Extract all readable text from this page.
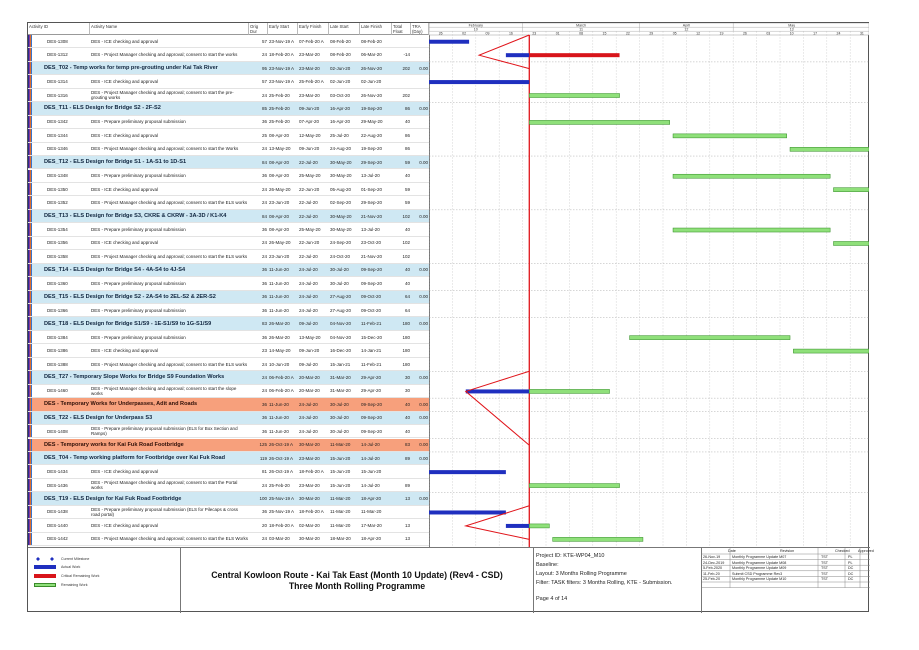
Activity ID	Activity Name	Orig Dur
Early Start	Early Finish	Late Start	Late Finish	Total Float
TRA (Day)
DES-1308	DES - ICE checking and approval	57 23-Nov-19 A	07-Feb-20 A	08-Feb-20	08-Feb-20
DES-1312	DES - Project Manager checking and approval; consent to start the works	24 18-Feb-20 A	23-Mar-20	08-Feb-20	06-Mar-20	-14
DES_T02 - Temp works for temp pre-grouting under Kai Tak River	95 23-Nov-19 A	23-Mar-20	02-Jun-20	26-Nov-20	202	0.00
DES-1314	DES - ICE checking and approval	57 23-Nov-19 A	25-Feb-20 A	02-Jun-20	02-Jun-20
DES-1316	DES - Project Manager checking and approval; consent to start the pre-grouting works	24 25-Feb-20	23-Mar-20	03-Oct-20	26-Nov-20	202
DES_T11 - ELS Design for Bridge S2 - 2F-S2	85 25-Feb-20	09-Jun-20	16-Apr-20	19-Sep-20	86	0.00
DES-1342	DES - Prepare preliminary proposal submission	36 25-Feb-20	07-Apr-20	16-Apr-20	29-May-20	40
DES-1344	DES - ICE checking and approval	25 08-Apr-20	12-May-20	25-Jul-20	22-Aug-20	86
DES-1346	DES - Project Manager checking and approval; consent to start the Works	24 13-May-20	09-Jun-20	24-Aug-20	19-Sep-20	86
DES_T12 - ELS Design for Bridge S1 - 1A-S1 to 1D-S1	84 08-Apr-20	22-Jul-20	30-May-20	29-Sep-20	59	0.00
DES-1348	DES - Prepare preliminary proposal submission	36 08-Apr-20	25-May-20	30-May-20	13-Jul-20	40
DES-1350	DES - ICE checking and approval	24 26-May-20	22-Jun-20	05-Aug-20	01-Sep-20	59
DES-1352	DES - Project Manager checking and approval; consent to start the ELS works	24 23-Jun-20	22-Jul-20	02-Sep-20	29-Sep-20	59
DES_T13 - ELS Design for Bridge S3, CKRE & CKRW - 3A-3D / K1-K4	84 08-Apr-20	22-Jul-20	30-May-20	21-Nov-20	102	0.00
DES-1354	DES - Prepare preliminary proposal submission	36 08-Apr-20	25-May-20	30-May-20	13-Jul-20	40
DES-1356	DES - ICE checking and approval	24 26-May-20	22-Jun-20	24-Sep-20	23-Oct-20	102
DES-1358	DES - Project Manager checking and approval; consent to start the ELS works	24 23-Jun-20	22-Jul-20	24-Oct-20	21-Nov-20	102
DES_T14 - ELS Design for Bridge S4 - 4A-S4 to 4J-S4	36 11-Jun-20	24-Jul-20	30-Jul-20	09-Sep-20	40	0.00
DES-1360	DES - Prepare preliminary proposal submission	36 11-Jun-20	24-Jul-20	30-Jul-20	09-Sep-20	40
DES_T15 - ELS Design for Bridge S2 - 2A-S4 to 2EL-S2 & 2ER-S2	36 11-Jun-20	24-Jul-20	27-Aug-20	09-Oct-20	64	0.00
DES-1366	DES - Prepare preliminary proposal submission	36 11-Jun-20	24-Jul-20	27-Aug-20	09-Oct-20	64
DES_T18 - ELS Design for Bridge S1/S9 - 1E-S1/S9 to 1G-S1/S9	83 26-Mar-20	09-Jul-20	04-Nov-20	11-Feb-21	180	0.00
DES-1384	DES - Prepare preliminary proposal submission	36 26-Mar-20	13-May-20	04-Nov-20	15-Dec-20	180
DES-1386	DES - ICE checking and approval	23 14-May-20	09-Jun-20	16-Dec-20	14-Jan-21	180
DES-1388	DES - Project Manager checking and approval; consent to start the ELS works	24 10-Jun-20	09-Jul-20	15-Jan-21	11-Feb-21	180
DES_T27 - Temporary Slope Works for Bridge S9 Foundation Works	24 06-Feb-20 A	20-Mar-20	31-Mar-20	29-Apr-20	30	0.00
DES-1460	DES - Project Manager checking and approval; consent to start the slope works	24 06-Feb-20 A	20-Mar-20	31-Mar-20	29-Apr-20	30
DES - Temporary Works for Underpasses, Adit and Roads	36 11-Jun-20	24-Jul-20	30-Jul-20	09-Sep-20	40	0.00
DES_T22 - ELS Design for Underpass S3	36 11-Jun-20	24-Jul-20	30-Jul-20	09-Sep-20	40	0.00
DES-1408	DES - Prepare preliminary proposal submission (ELS for Box Section and Ramps)	36 11-Jun-20	24-Jul-20	30-Jul-20	09-Sep-20	40
DES - Temporary works for Kai Fuk Road Footbridge	125 26-Oct-19 A	30-Mar-20	11-Mar-20	14-Jul-20	83	0.00
DES_T04 - Temp working platform for Footbridge over Kai Fuk Road	119 26-Oct-19 A	23-Mar-20	15-Jun-20	14-Jul-20	89	0.00
DES-1434	DES - ICE checking and approval	81 26-Oct-19 A	18-Feb-20 A	15-Jun-20	15-Jun-20
DES-1436	DES - Project Manager checking and approval; consent to start the Portal works	24 25-Feb-20	23-Mar-20	15-Jun-20	14-Jul-20	89
DES_T19 - ELS Design for Kai Fuk Road Footbridge	100 25-Nov-19 A	30-Mar-20	11-Mar-20	18-Apr-20	13	0.00
DES-1438	DES - Prepare preliminary proposal submission (ELS for Pilecaps & cross road portal)	36 25-Nov-19 A	18-Feb-20 A	11-Mar-20	11-Mar-20
DES-1440	DES - ICE checking and approval	20 18-Feb-20 A	02-Mar-20	11-Mar-20	17-Mar-20	13
DES-1442	DES - Project Manager checking and approval; consent to start the ELS Works	24 03-Mar-20	30-Mar-20	18-Mar-20	18-Apr-20	13
February
10
March
11
April
12
May
13
26	02	09	16	23	01	08	15	22	29	05	12	19	26	03	10	17	24	31
Current Milestone
Actual Work
Critical Remaining Work
Remaining Work
Central Kowloon Route - Kai Tak East (Month 10 Update) (Rev4 - CSD)
Three Month Rolling Programme
Project ID: KTE-WP04_M10
Baseline:
Layout: 3 Months Rolling Programme
Filter: TASK filters: 3 Months Rolling, KTE - Submission.
Page 4 of 14
Date	Revision	Checked Approved
26-Nov-19	Monthly Programme Update M07	TST	PL
24-Dec-2019 Monthly Programme Update M08	TST	PL
5-Feb-2020	Monthly Programme Update M09	TST	DC
11-Feb-20	Submit CSD Programme Rev3	TST	DC
25-Feb-20	Monthly Programme Update M10	TST	DC
